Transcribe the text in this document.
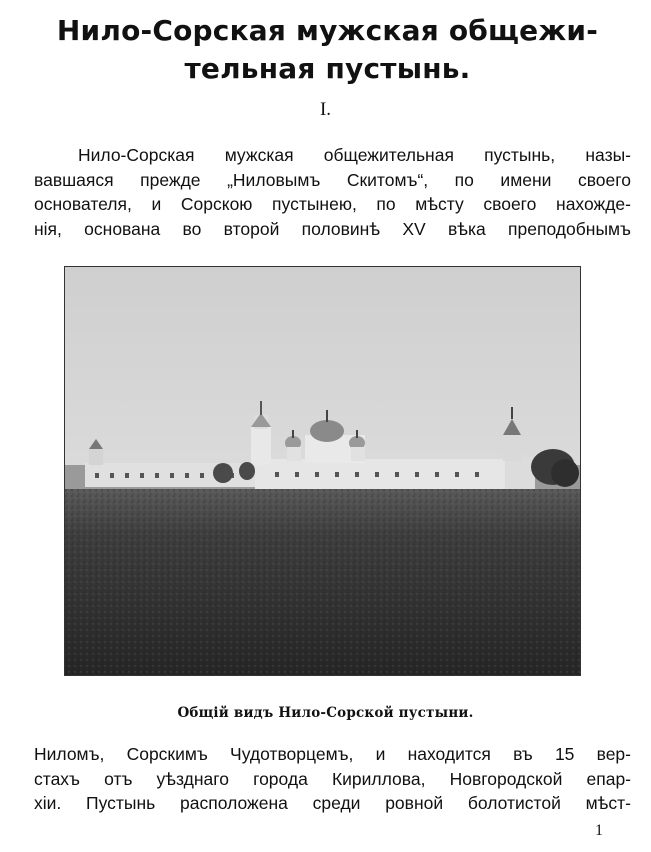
Нило-Сорская мужская общежи-
тельная пустынь.
I.
Нило-Сорская мужская общежительная пустынь, назы-
вавшаяся прежде „Ниловымъ Скитомъ“, по имени своего
основателя, и Сорскою пустынею, по мѣсту своего нахожде-
нія, основана во второй половинѣ XV вѣка преподобнымъ
Общій видъ Нило-Сорской пустыни.
Ниломъ, Сорскимъ Чудотворцемъ, и находится въ 15 вер-
стахъ отъ уѣзднаго города Кириллова, Новгородской епар-
хіи. Пустынь расположена среди ровной болотистой мѣст-
1
